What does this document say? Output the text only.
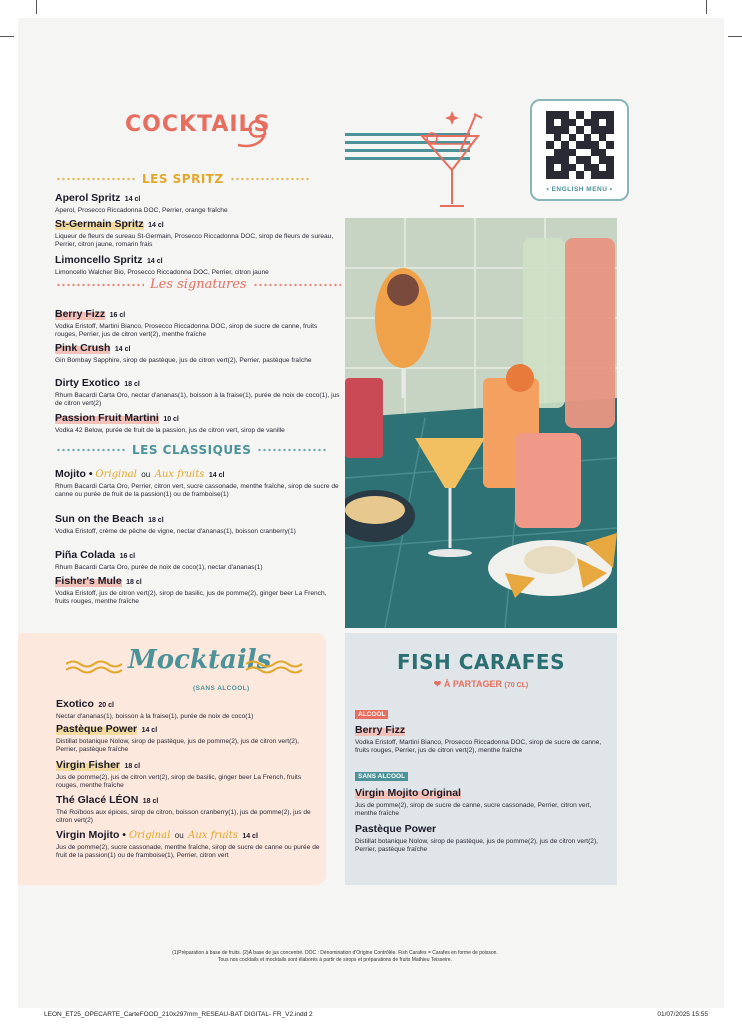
COCKTAILS
• ENGLISH MENU •
LES SPRITZ
Aperol Spritz 14 cl
Aperol, Prosecco Riccadonna DOC, Perrier, orange fraîche
St-Germain Spritz 14 cl
Liqueur de fleurs de sureau St-Germain, Prosecco Riccadonna DOC, sirop de fleurs de sureau, Perrier, citron jaune, romarin frais
Limoncello Spritz 14 cl
Limoncello Walcher Bio, Prosecco Riccadonna DOC, Perrier, citron jaune
Les signatures
Berry Fizz 16 cl
Vodka Eristoff, Martini Bianco, Prosecco Riccadonna DOC, sirop de sucre de canne, fruits rouges, Perrier, jus de citron vert(2), menthe fraîche
Pink Crush 14 cl
Gin Bombay Sapphire, sirop de pastèque, jus de citron vert(2), Perrier, pastèque fraîche
Dirty Exotico 18 cl
Rhum Bacardi Carta Oro, nectar d'ananas(1), boisson à la fraise(1), purée de noix de coco(1), jus de citron vert(2)
Passion Fruit Martini 10 cl
Vodka 42 Below, purée de fruit de la passion, jus de citron vert, sirop de vanille
LES CLASSIQUES
Mojito • Original ou Aux fruits 14 cl
Rhum Bacardi Carta Oro, Perrier, citron vert, sucre cassonade, menthe fraîche, sirop de sucre de canne ou purée de fruit de la passion(1) ou de framboise(1)
Sun on the Beach 18 cl
Vodka Eristoff, crème de pêche de vigne, nectar d'ananas(1), boisson cranberry(1)
Piña Colada 16 cl
Rhum Bacardi Carta Oro, purée de noix de coco(1), nectar d'ananas(1)
Fisher's Mule 18 cl
Vodka Eristoff, jus de citron vert(2), sirop de basilic, jus de pomme(2), ginger beer La French, fruits rouges, menthe fraîche
Mocktails
(SANS ALCOOL)
Exotico 20 cl
Nectar d'ananas(1), boisson à la fraise(1), purée de noix de coco(1)
Pastèque Power 14 cl
Distillat botanique Nolow, sirop de pastèque, jus de pomme(2), jus de citron vert(2), Perrier, pastèque fraîche
Virgin Fisher 18 cl
Jus de pomme(2), jus de citron vert(2), sirop de basilic, ginger beer La French, fruits rouges, menthe fraîche
Thé Glacé LÉON 18 cl
Thé Roïboos aux épices, sirop de citron, boisson cranberry(1), jus de pomme(2), jus de citron vert(2)
Virgin Mojito • Original ou Aux fruits 14 cl
Jus de pomme(2), sucre cassonade, menthe fraîche, sirop de sucre de canne ou purée de fruit de la passion(1) ou de framboise(1), Perrier, citron vert
FISH CARAFES
❤ À PARTAGER (70 CL)
ALCOOL
Berry Fizz
Vodka Eristoff, Martini Bianco, Prosecco Riccadonna DOC, sirop de sucre de canne, fruits rouges, Perrier, jus de citron vert(2), menthe fraîche
SANS ALCOOL
Virgin Mojito Original
Jus de pomme(2), sirop de sucre de canne, sucre cassonade, Perrier, citron vert, menthe fraîche
Pastèque Power
Distillat botanique Nolow, sirop de pastèque, jus de pomme(2), jus de citron vert(2), Perrier, pastèque fraîche
(1)Préparation à base de fruits. (2)À base de jus concentré. DOC : Dénomination d'Origine Contrôlée. Fish Carafes = Carafes en forme de poisson.
Tous nos cocktails et mocktails sont élaborés à partir de sirops et préparations de fruits Mathieu Teisseire.
LEON_ET25_OPECARTE_CarteFOOD_210x297mm_RESEAU-BAT DIGITAL- FR_V2.indd 2	01/07/2025 15:55
